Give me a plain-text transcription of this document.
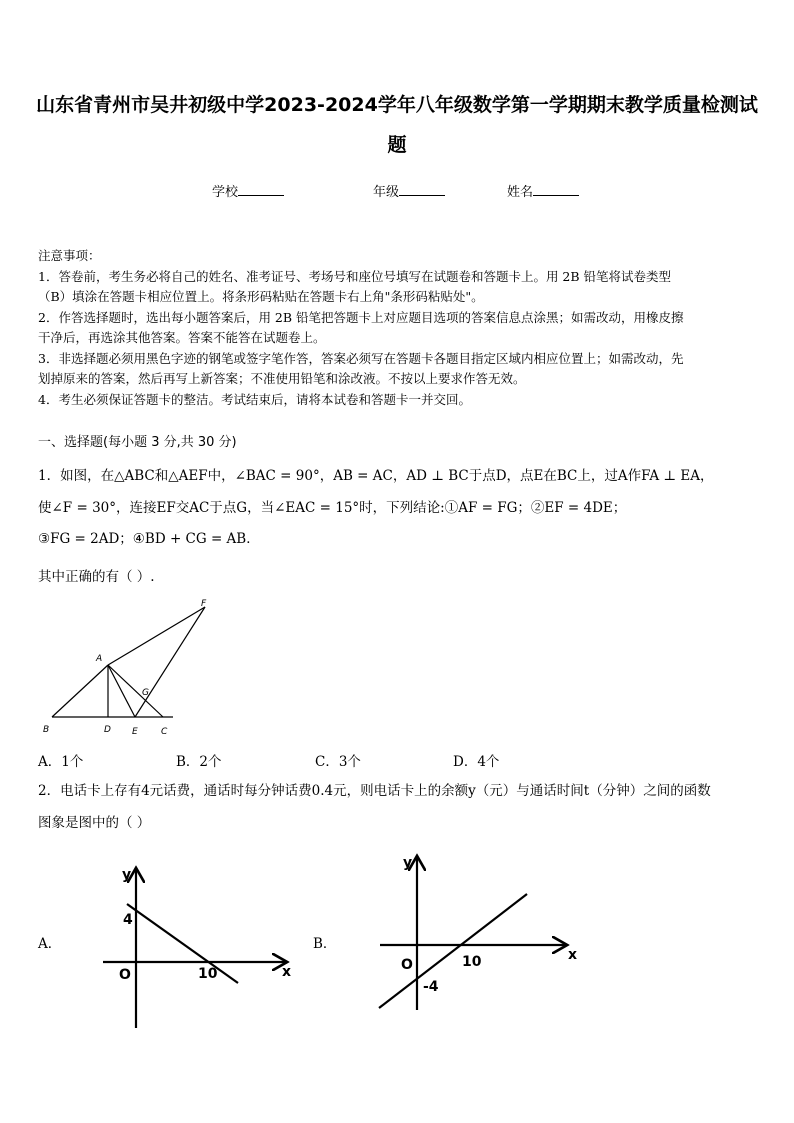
山东省青州市吴井初级中学2023-2024学年八年级数学第一学期期末教学质量检测试
题
学校	年级	姓名
注意事项：
1．答卷前，考生务必将自己的姓名、准考证号、考场号和座位号填写在试题卷和答题卡上。用 2B 铅笔将试卷类型
（B）填涂在答题卡相应位置上。将条形码粘贴在答题卡右上角"条形码粘贴处"。
2．作答选择题时，选出每小题答案后，用 2B 铅笔把答题卡上对应题目选项的答案信息点涂黑；如需改动，用橡皮擦
干净后，再选涂其他答案。答案不能答在试题卷上。
3．非选择题必须用黑色字迹的钢笔或签字笔作答，答案必须写在答题卡各题目指定区域内相应位置上；如需改动，先
划掉原来的答案，然后再写上新答案；不准使用铅笔和涂改液。不按以上要求作答无效。
4．考生必须保证答题卡的整洁。考试结束后，请将本试卷和答题卡一并交回。
一、选择题(每小题 3 分,共 30 分)
1．如图，在△ABC和△AEF中，∠BAC = 90°，AB = AC，AD ⊥ BC于点D，点E在BC上，过A作FA ⊥ EA，
使∠F = 30°，连接EF交AC于点G，当∠EAC = 15°时，下列结论:①AF = FG；②EF = 4DE；
③FG = 2AD；④BD + CG = AB．
其中正确的有（ ）.
F
A
G
B	D E	C
A．1个	B．2个	C．3个	D．4个
2．电话卡上存有4元话费，通话时每分钟话费0.4元，则电话卡上的余额y（元）与通话时间t（分钟）之间的函数
图象是图中的（ ）
A．
y
x
O
4
10
B．
y
x
O
-4
10
